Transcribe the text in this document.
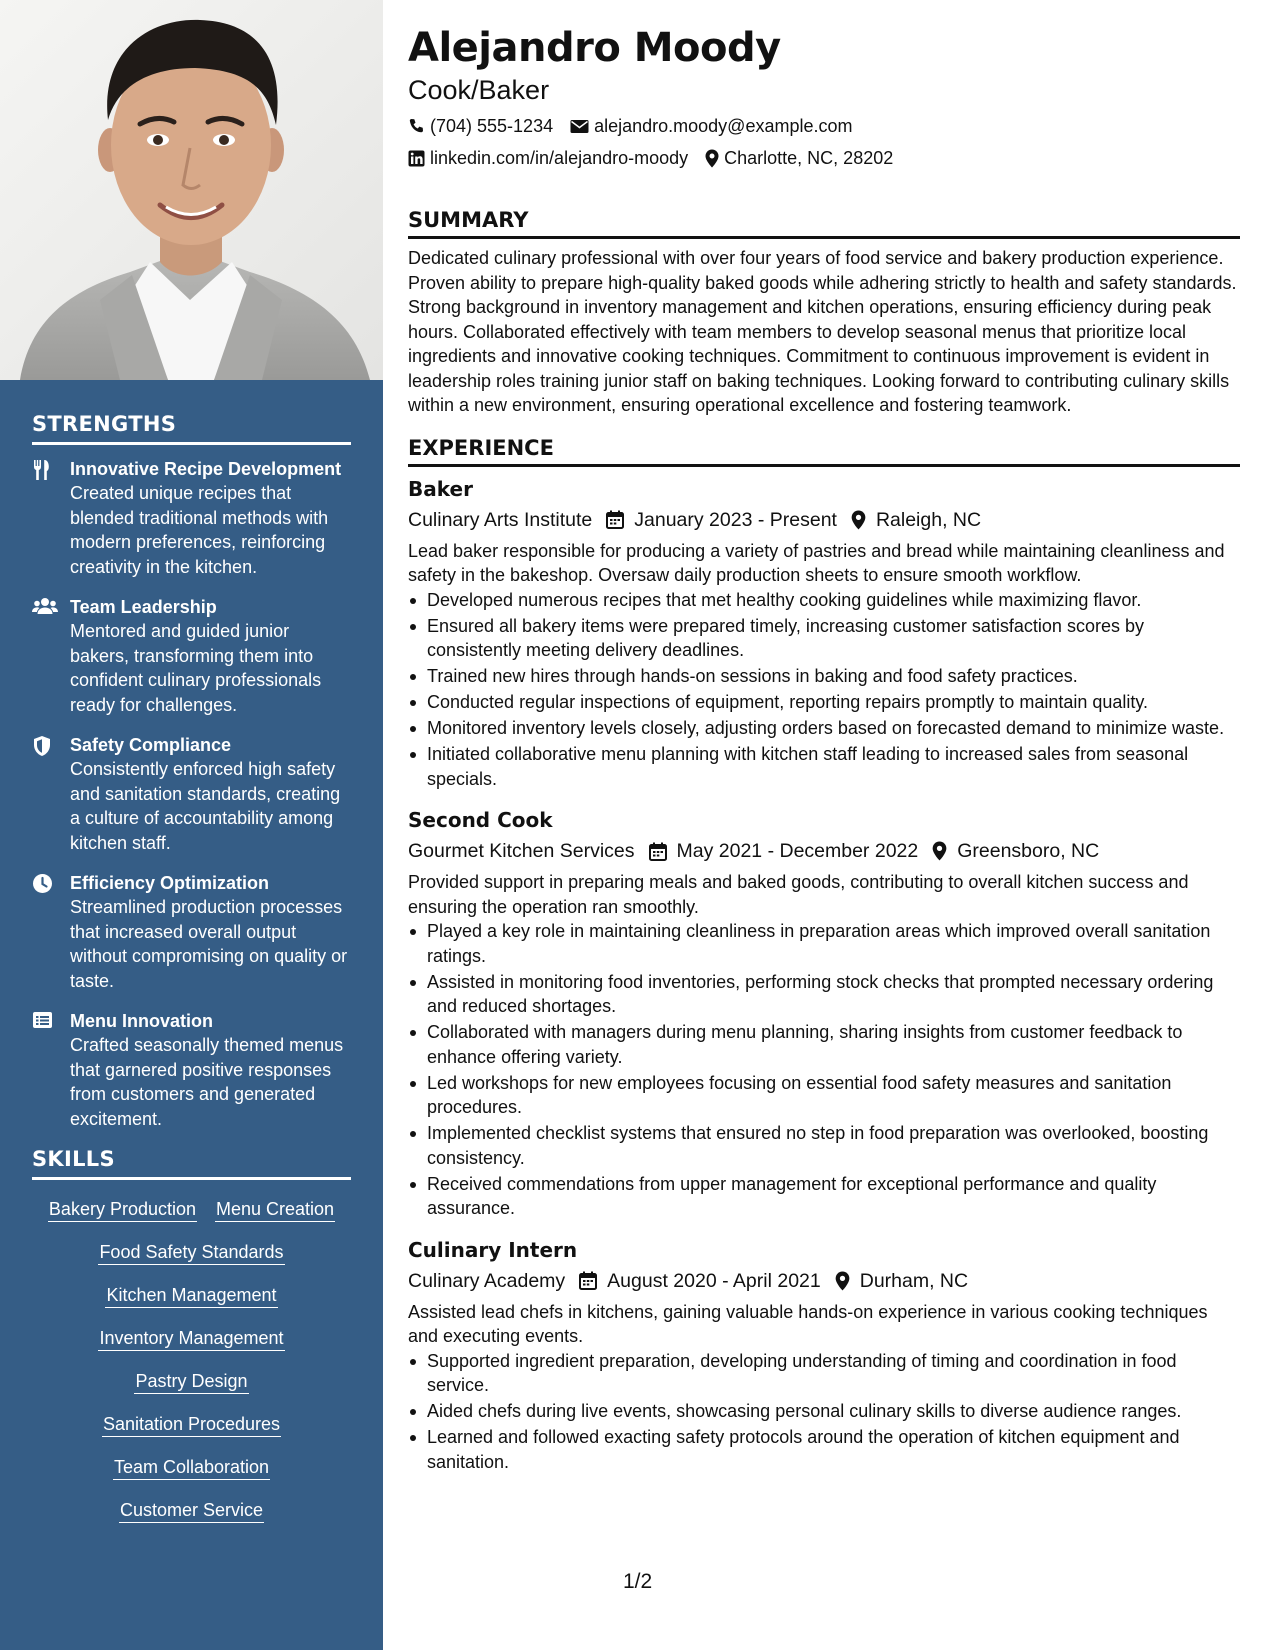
STRENGTHS
Innovative Recipe Development
Created unique recipes that blended traditional methods with modern preferences, reinforcing creativity in the kitchen.
Team Leadership
Mentored and guided junior bakers, transforming them into confident culinary professionals ready for challenges.
Safety Compliance
Consistently enforced high safety and sanitation standards, creating a culture of accountability among kitchen staff.
Efficiency Optimization
Streamlined production processes that increased overall output without compromising on quality or taste.
Menu Innovation
Crafted seasonally themed menus that garnered positive responses from customers and generated excitement.
SKILLS
Bakery Production Menu Creation
Food Safety Standards
Kitchen Management
Inventory Management
Pastry Design
Sanitation Procedures
Team Collaboration
Customer Service
Alejandro Moody
Cook/Baker
(704) 555-1234 alejandro.moody@example.com
linkedin.com/in/alejandro-moody Charlotte, NC, 28202
SUMMARY

Dedicated culinary professional with over four years of food service and bakery production experience. Proven ability to prepare high-quality baked goods while adhering strictly to health and safety standards. Strong background in inventory management and kitchen operations, ensuring efficiency during peak hours. Collaborated effectively with team members to develop seasonal menus that prioritize local ingredients and innovative cooking techniques. Commitment to continuous improvement is evident in leadership roles training junior staff on baking techniques. Looking forward to contributing culinary skills within a new environment, ensuring operational excellence and fostering teamwork.

EXPERIENCE
Baker
Culinary Arts Institute January 2023 - Present Raleigh, NC

Lead baker responsible for producing a variety of pastries and bread while maintaining cleanliness and safety in the bakeshop. Oversaw daily production sheets to ensure smooth workflow.

Developed numerous recipes that met healthy cooking guidelines while maximizing flavor.
Ensured all bakery items were prepared timely, increasing customer satisfaction scores by consistently meeting delivery deadlines.
Trained new hires through hands-on sessions in baking and food safety practices.
Conducted regular inspections of equipment, reporting repairs promptly to maintain quality.
Monitored inventory levels closely, adjusting orders based on forecasted demand to minimize waste.
Initiated collaborative menu planning with kitchen staff leading to increased sales from seasonal specials.
Second Cook
Gourmet Kitchen Services May 2021 - December 2022 Greensboro, NC

Provided support in preparing meals and baked goods, contributing to overall kitchen success and ensuring the operation ran smoothly.

Played a key role in maintaining cleanliness in preparation areas which improved overall sanitation ratings.
Assisted in monitoring food inventories, performing stock checks that prompted necessary ordering and reduced shortages.
Collaborated with managers during menu planning, sharing insights from customer feedback to enhance offering variety.
Led workshops for new employees focusing on essential food safety measures and sanitation procedures.
Implemented checklist systems that ensured no step in food preparation was overlooked, boosting consistency.
Received commendations from upper management for exceptional performance and quality assurance.
Culinary Intern
Culinary Academy August 2020 - April 2021 Durham, NC

Assisted lead chefs in kitchens, gaining valuable hands-on experience in various cooking techniques and executing events.

Supported ingredient preparation, developing understanding of timing and coordination in food service.
Aided chefs during live events, showcasing personal culinary skills to diverse audience ranges.
Learned and followed exacting safety protocols around the operation of kitchen equipment and sanitation.
1/2
